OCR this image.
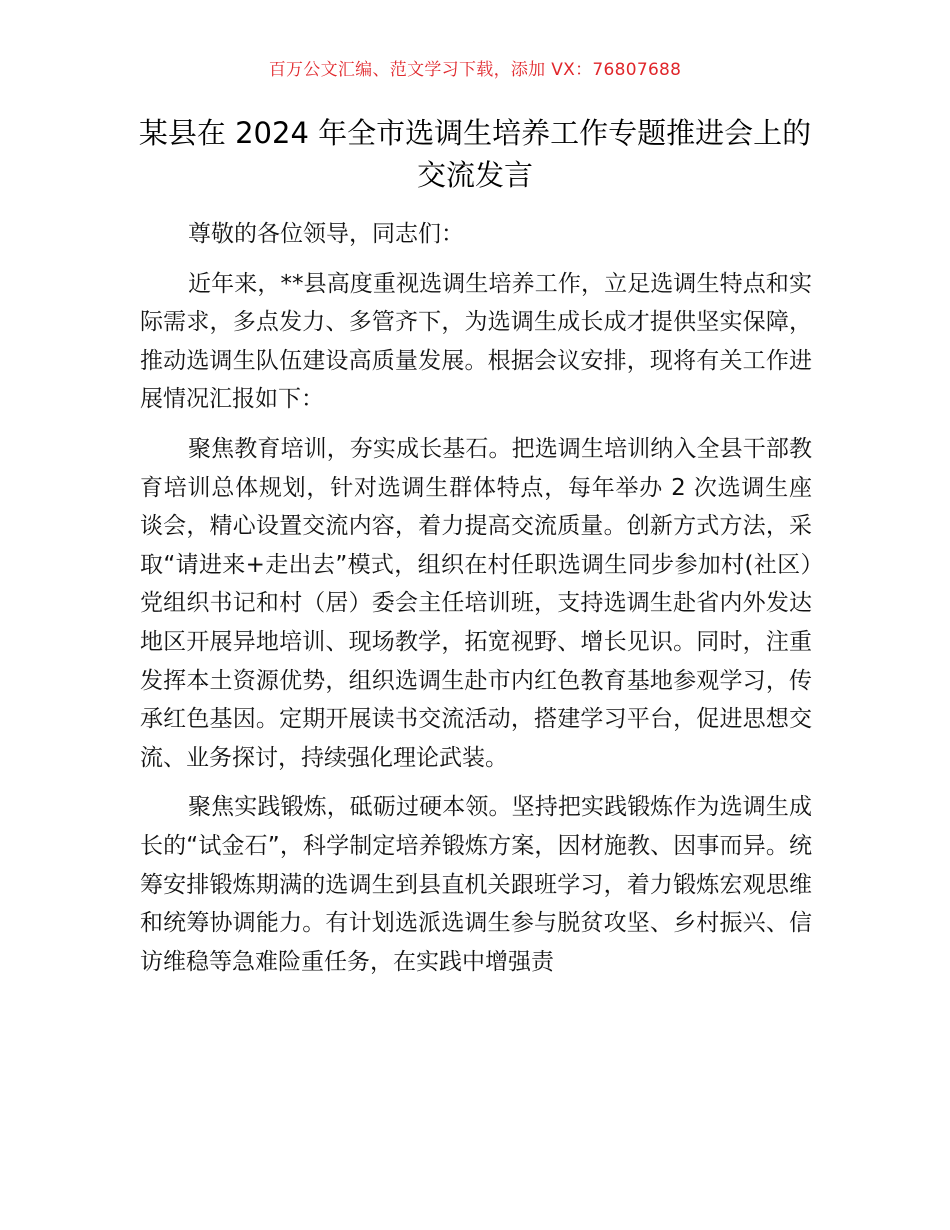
百万公文汇编、范文学习下载，添加 VX：76807688
某县在 2024 年全市选调生培养工作专题推进会上的交流发言

尊敬的各位领导，同志们：

近年来，**县高度重视选调生培养工作，立足选调生特点和实际需求，多点发力、多管齐下，为选调生成长成才提供坚实保障，推动选调生队伍建设高质量发展。根据会议安排，现将有关工作进展情况汇报如下：

聚焦教育培训，夯实成长基石。把选调生培训纳入全县干部教育培训总体规划，针对选调生群体特点，每年举办 2 次选调生座谈会，精心设置交流内容，着力提高交流质量。创新方式方法，采取“请进来+走出去”模式，组织在村任职选调生同步参加村(社区）党组织书记和村（居）委会主任培训班，支持选调生赴省内外发达地区开展异地培训、现场教学，拓宽视野、增长见识。同时，注重发挥本土资源优势，组织选调生赴市内红色教育基地参观学习，传承红色基因。定期开展读书交流活动，搭建学习平台，促进思想交流、业务探讨，持续强化理论武装。

聚焦实践锻炼，砥砺过硬本领。坚持把实践锻炼作为选调生成长的“试金石”，科学制定培养锻炼方案，因材施教、因事而异。统筹安排锻炼期满的选调生到县直机关跟班学习，着力锻炼宏观思维和统筹协调能力。有计划选派选调生参与脱贫攻坚、乡村振兴、信访维稳等急难险重任务，在实践中增强责
